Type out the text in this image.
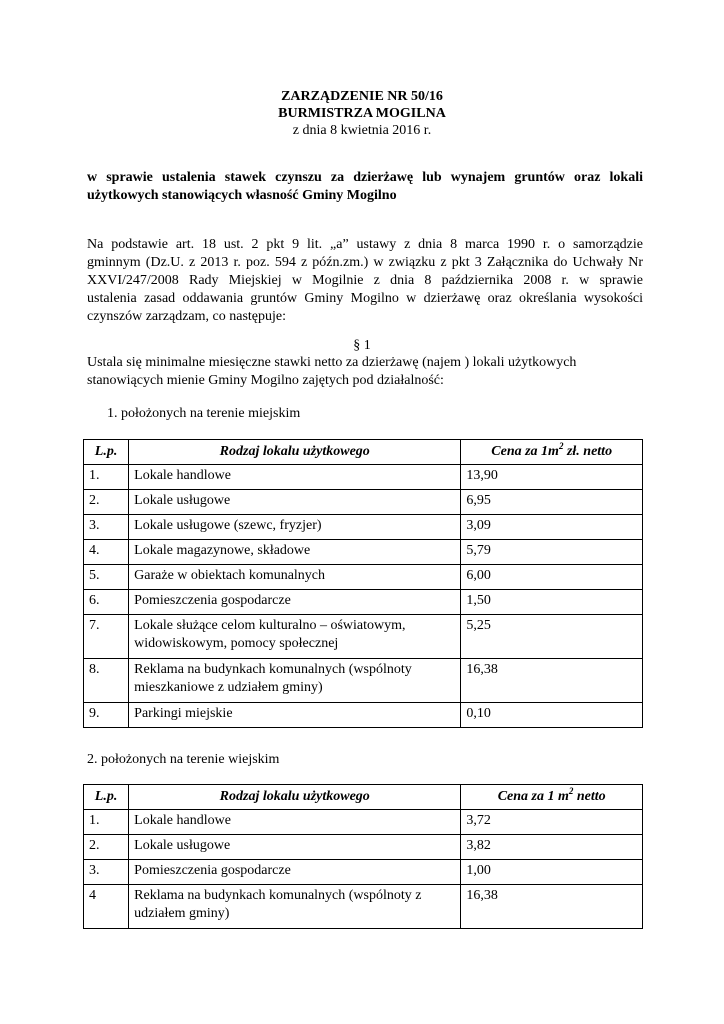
ZARZĄDZENIE NR 50/16
BURMISTRZA MOGILNA
z dnia 8 kwietnia 2016 r.
w sprawie ustalenia stawek czynszu za dzierżawę lub wynajem gruntów oraz lokali
użytkowych stanowiących własność Gminy Mogilno
Na podstawie art. 18 ust. 2 pkt 9 lit. „a” ustawy z dnia 8 marca 1990 r. o samorządzie
gminnym (Dz.U. z 2013 r. poz. 594 z późn.zm.) w związku z pkt 3 Załącznika do Uchwały Nr
XXVI/247/2008 Rady Miejskiej w Mogilnie z dnia 8 października 2008 r. w sprawie
ustalenia zasad oddawania gruntów Gminy Mogilno w dzierżawę oraz określania wysokości
czynszów zarządzam, co następuje:
§ 1
Ustala się minimalne miesięczne stawki netto za dzierżawę (najem ) lokali użytkowych
stanowiących mienie Gminy Mogilno zajętych pod działalność:
1. położonych na terenie miejskim
L.p.	Rodzaj lokalu użytkowego	Cena za $1m^2$ zł. netto
1.	Lokale handlowe	13,90
2.	Lokale usługowe	6,95
3.	Lokale usługowe (szewc, fryzjer)	3,09
4.	Lokale magazynowe, składowe	5,79
5.	Garaże w obiektach komunalnych	6,00
6.	Pomieszczenia gospodarcze	1,50
7.	Lokale służące celom kulturalno – oświatowym,
widowiskowym, pomocy społecznej	5,25
8.	Reklama na budynkach komunalnych (wspólnoty
mieszkaniowe z udziałem gminy)	16,38
9.	Parkingi miejskie	0,10
2. położonych na terenie wiejskim
L.p.	Rodzaj lokalu użytkowego	Cena za 1 $m^2$ netto
1.	Lokale handlowe	3,72
2.	Lokale usługowe	3,82
3.	Pomieszczenia gospodarcze	1,00
4	Reklama na budynkach komunalnych (wspólnoty z
udziałem gminy)	16,38
